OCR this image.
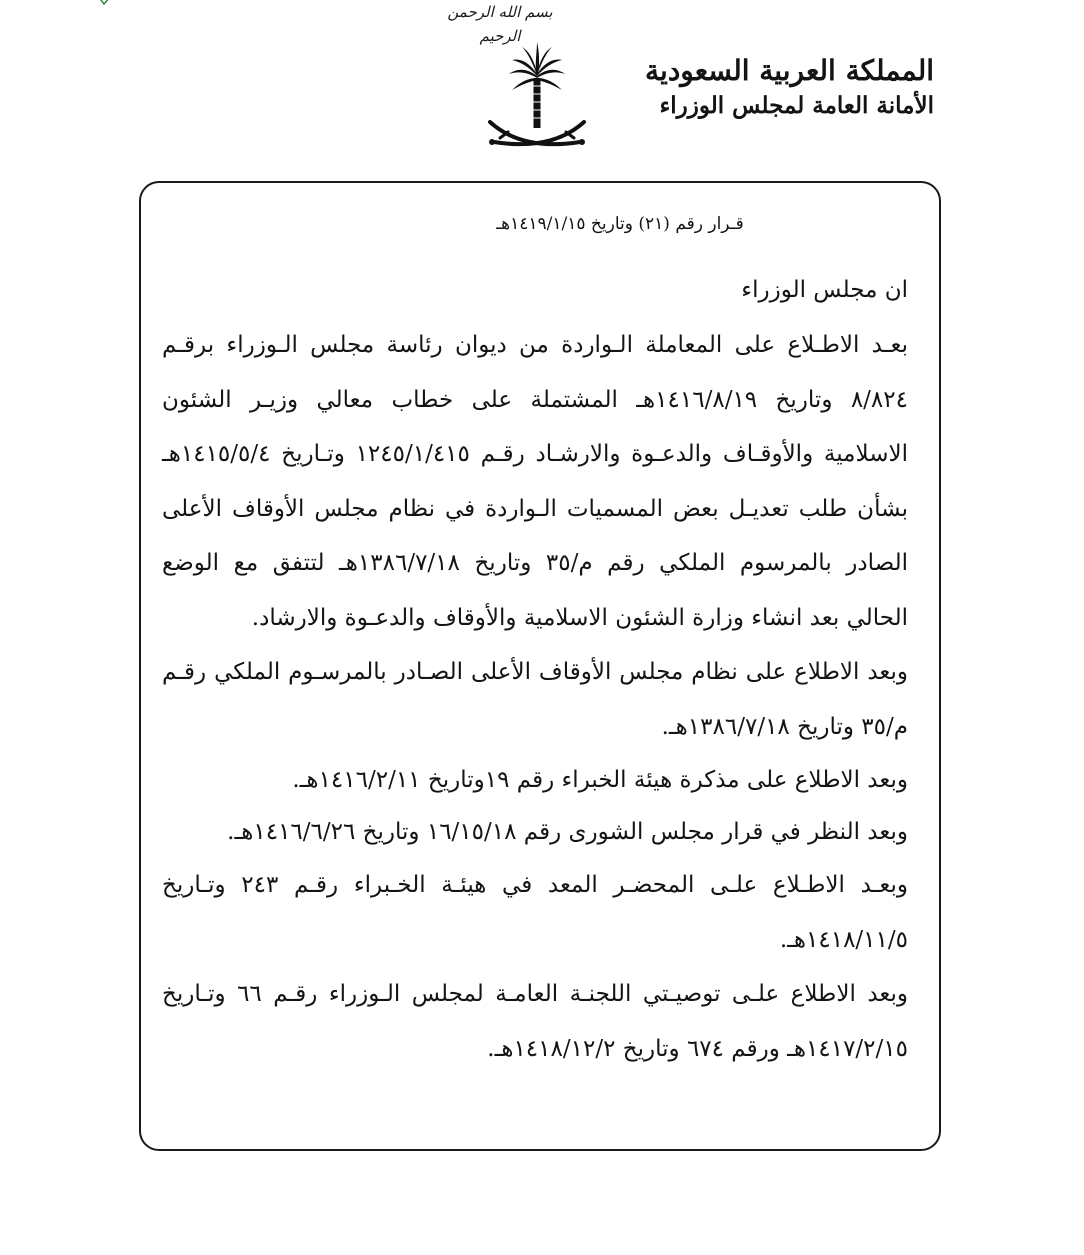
بسم الله الرحمن الرحيم
المملكة العربية السعودية
الأمانة العامة لمجلس الوزراء
قـرار رقم (٢١) وتاريخ ١٤١٩/١/١٥هـ

ان مجلس الوزراء

بعـد الاطـلاع على المعاملة الـواردة من ديوان رئاسة مجلس الـوزراء برقـم ٨/٨٢٤ وتاريخ ١٤١٦/٨/١٩هـ المشتملة على خطاب معالي وزيـر الشئون الاسلامية والأوقـاف والدعـوة والارشـاد رقـم ١٢٤٥/١/٤١٥ وتـاريخ ١٤١٥/٥/٤هـ بشأن طلب تعديـل بعض المسميات الـواردة في نظام مجلس الأوقاف الأعلى الصادر بالمرسوم الملكي رقم م/٣٥ وتاريخ ١٣٨٦/٧/١٨هـ لتتفق مع الوضع الحالي بعد انشاء وزارة الشئون الاسلامية والأوقاف والدعـوة والارشاد.

وبعد الاطلاع على نظام مجلس الأوقاف الأعلى الصـادر بالمرسـوم الملكي رقـم م/٣٥ وتاريخ ١٣٨٦/٧/١٨هـ.

وبعد الاطلاع على مذكرة هيئة الخبراء رقم ١٩وتاريخ ١٤١٦/٢/١١هـ.

وبعد النظر في قرار مجلس الشورى رقم ١٦/١٥/١٨ وتاريخ ١٤١٦/٦/٢٦هـ.

وبعـد الاطـلاع علـى المحضـر المعد في هيئـة الخـبراء رقـم ٢٤٣ وتـاريخ ١٤١٨/١١/٥هـ.

وبعد الاطلاع علـى توصيـتي اللجنـة العامـة لمجلس الـوزراء رقـم ٦٦ وتـاريخ ١٤١٧/٢/١٥هـ ورقم ٦٧٤ وتاريخ ١٤١٨/١٢/٢هـ.
